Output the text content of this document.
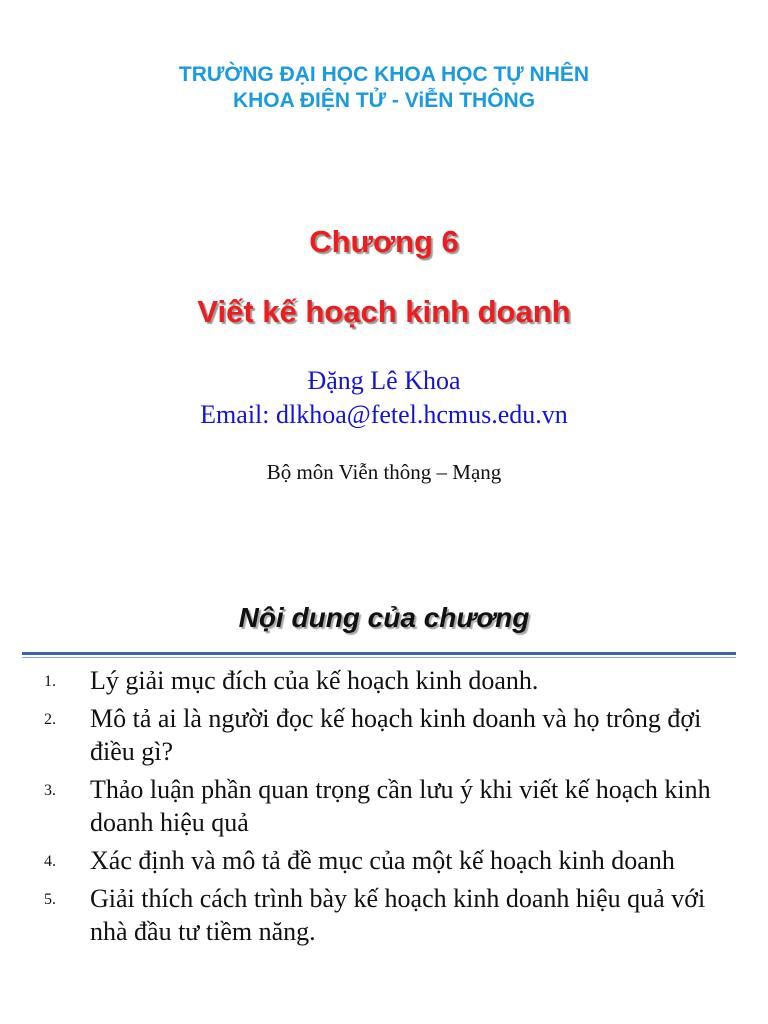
TRƯỜNG ĐẠI HỌC KHOA HỌC TỰ NHÊN
KHOA ĐIỆN TỬ - ViỄN THÔNG
Chương 6
Viết kế hoạch kinh doanh
Đặng Lê Khoa
Email: dlkhoa@fetel.hcmus.edu.vn
Bộ môn Viễn thông – Mạng
Nội dung của chương
1. Lý giải mục đích của kế hoạch kinh doanh.
2. Mô tả ai là người đọc kế hoạch kinh doanh và họ trông đợi điều gì?
3. Thảo luận phần quan trọng cần lưu ý khi viết kế hoạch kinh doanh hiệu quả
4. Xác định và mô tả đề mục của một kế hoạch kinh doanh
5. Giải thích cách trình bày kế hoạch kinh doanh hiệu quả với nhà đầu tư tiềm năng.
